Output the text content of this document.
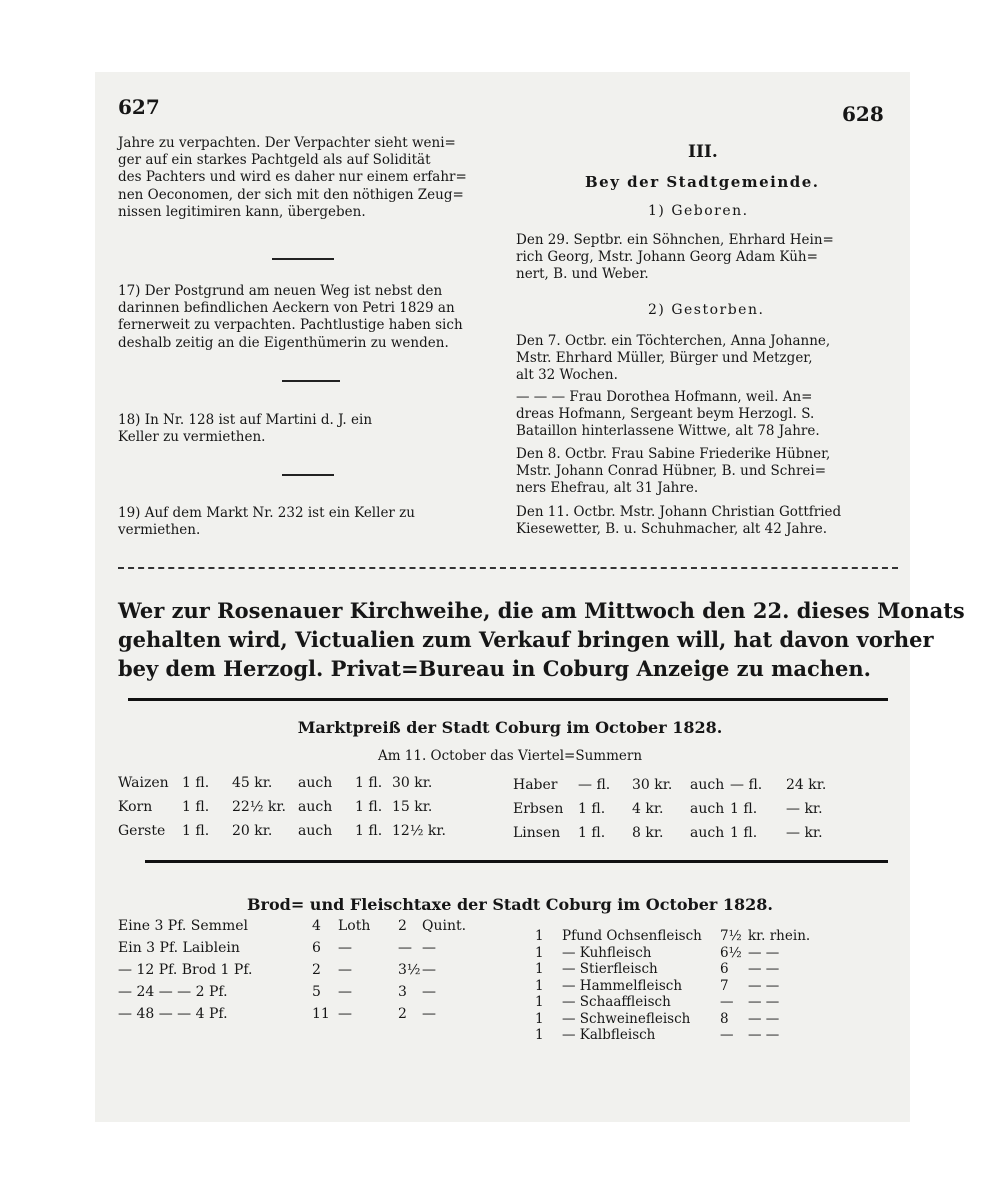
627	628

Jahre zu verpachten. Der Verpachter sieht weni=

ger auf ein starkes Pachtgeld als auf Solidität

des Pachters und wird es daher nur einem erfahr=

nen Oeconomen, der sich mit den nöthigen Zeug=

nissen legitimiren kann, übergeben.

17) Der Postgrund am neuen Weg ist nebst den

darinnen befindlichen Aeckern von Petri 1829 an

fernerweit zu verpachten. Pachtlustige haben sich

deshalb zeitig an die Eigenthümerin zu wenden.

18) In Nr. 128 ist auf Martini d. J. ein

Keller zu vermiethen.

19) Auf dem Markt Nr. 232 ist ein Keller zu

vermiethen.

III.
Bey der Stadtgemeinde.
1) Geboren.

Den 29. Septbr. ein Söhnchen, Ehrhard Hein=

rich Georg, Mstr. Johann Georg Adam Küh=

nert, B. und Weber.

2) Gestorben.

Den 7. Octbr. ein Töchterchen, Anna Johanne,

Mstr. Ehrhard Müller, Bürger und Metzger,

alt 32 Wochen.

— — — Frau Dorothea Hofmann, weil. An=

dreas Hofmann, Sergeant beym Herzogl. S.

Bataillon hinterlassene Wittwe, alt 78 Jahre.

Den 8. Octbr. Frau Sabine Friederike Hübner,

Mstr. Johann Conrad Hübner, B. und Schrei=

ners Ehefrau, alt 31 Jahre.

Den 11. Octbr. Mstr. Johann Christian Gottfried

Kiesewetter, B. u. Schuhmacher, alt 42 Jahre.

Wer zur Rosenauer Kirchweihe, die am Mittwoch den 22. dieses Monats

gehalten wird, Victualien zum Verkauf bringen will, hat davon vorher

bey dem Herzogl. Privat=Bureau in Coburg Anzeige zu machen.

Marktpreiß der Stadt Coburg im October 1828.
Am 11. October das Viertel=Summern
Waizen 1 fl. 45 kr. auch 1 fl. 30 kr.
Korn 1 fl. 22½ kr. auch 1 fl. 15 kr.
Gerste 1 fl. 20 kr. auch 1 fl. 12½ kr.
Haber — fl. 30 kr. auch — fl. 24 kr.
Erbsen 1 fl. 4 kr. auch 1 fl. — kr.
Linsen 1 fl. 8 kr. auch 1 fl. — kr.
Brod= und Fleischtaxe der Stadt Coburg im October 1828.
Eine 3 Pf. Semmel	4 Loth 2 Quint.
Ein 3 Pf. Laiblein	6 —	— —
— 12 Pf. Brod 1 Pf.	2 —	3½ —
— 24 — — 2 Pf.	5 —	3 —
— 48 — — 4 Pf.	11 —	2 —
1 Pfund Ochsenfleisch 7½ kr. rhein.
1 — Kuhfleisch	6½ — —
1 — Stierfleisch	6 — —
1 — Hammelfleisch	7 — —
1 — Schaaffleisch	— — —
1 — Schweinefleisch 8 — —
1 — Kalbfleisch	— — —
